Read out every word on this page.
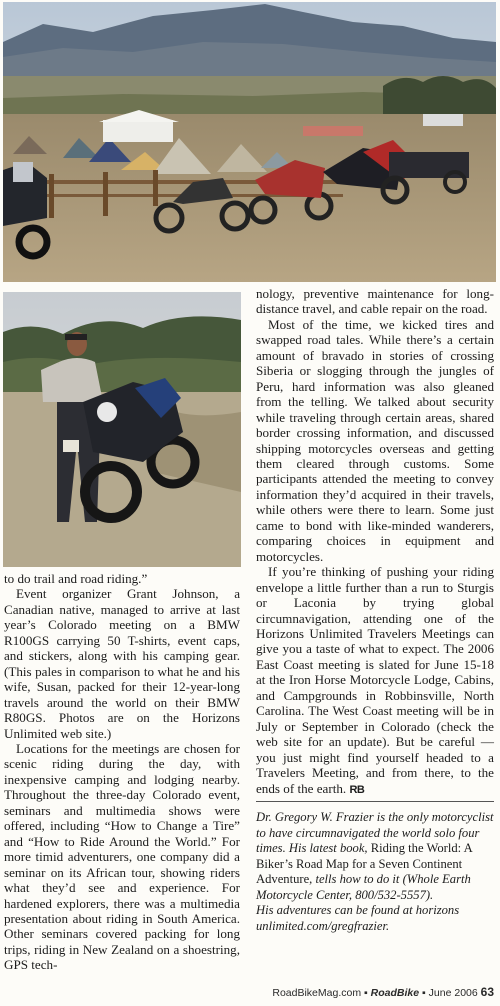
to do trail and road riding.”

Event organizer Grant Johnson, a Canadian native, managed to arrive at last year’s Colorado meeting on a BMW R100GS carrying 50 T-shirts, event caps, and stickers, along with his camping gear. (This pales in comparison to what he and his wife, Susan, packed for their 12-year-long travels around the world on their BMW R80GS. Photos are on the Horizons Unlimited web site.)

Locations for the meetings are chosen for scenic riding during the day, with inexpensive camping and lodging nearby. Throughout the three-day Colorado event, seminars and multimedia shows were offered, including “How to Change a Tire” and “How to Ride Around the World.” For more timid adventurers, one company did a seminar on its African tour, showing riders what they’d see and experience. For hardened explorers, there was a multimedia presentation about riding in South America. Other seminars covered packing for long trips, riding in New Zealand on a shoestring, GPS tech-

nology, preventive maintenance for long-distance travel, and cable repair on the road.

Most of the time, we kicked tires and swapped road tales. While there’s a certain amount of bravado in stories of crossing Siberia or slogging through the jungles of Peru, hard information was also gleaned from the telling. We talked about security while traveling through certain areas, shared border crossing information, and discussed shipping motorcycles overseas and getting them cleared through customs. Some participants attended the meeting to convey information they’d acquired in their travels, while others were there to learn. Some just came to bond with like-minded wanderers, comparing choices in equipment and motorcycles.

If you’re thinking of pushing your riding envelope a little further than a run to Sturgis or Laconia by trying global circumnavigation, attending one of the Horizons Unlimited Travelers Meetings can give you a taste of what to expect. The 2006 East Coast meeting is slated for June 15-18 at the Iron Horse Motorcycle Lodge, Cabins, and Campgrounds in Robbinsville, North Carolina. The West Coast meeting will be in July or September in Colorado (check the web site for an update). But be careful — you just might find yourself headed to a Travelers Meeting, and from there, to the ends of the earth. RB

Dr. Gregory W. Frazier is the only motorcyclist to have circumnavigated the world solo four times. His latest book, Riding the World: A Biker’s Road Map for a Seven Continent Adventure, tells how to do it (Whole Earth Motorcycle Center, 800/532-5557).

His adventures can be found at horizons unlimited.com/gregfrazier.

RoadBikeMag.com ▪ RoadBike ▪ June 2006 63
